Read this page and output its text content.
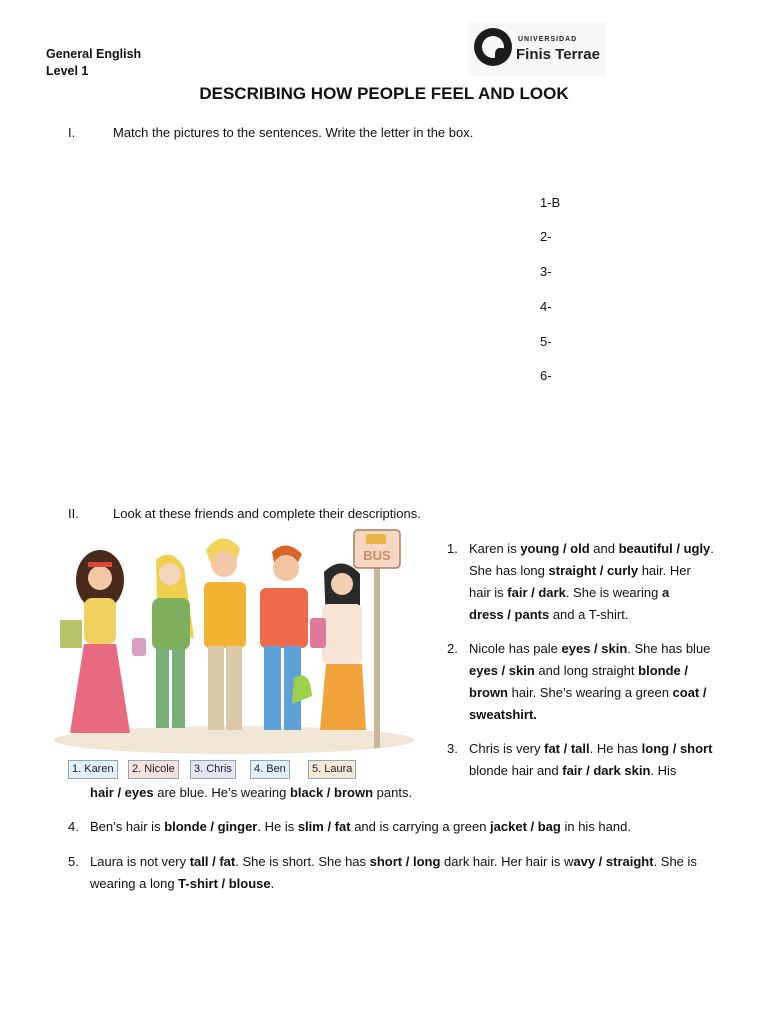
General English
Level 1
UNIVERSIDAD
Finis Terrae
DESCRIBING HOW PEOPLE FEEL AND LOOK
I.	Match the pictures to the sentences. Write the letter in the box.
1-B
2-
3-
4-
5-
6-
II.	Look at these friends and complete their descriptions.
BUS
1. Karen	2. Nicole	3. Chris	4. Ben	5. Laura
1. Karen is young / old and beautiful / ugly.
She has long straight / curly hair. Her
hair is fair / dark. She is wearing a
dress / pants and a T-shirt.
2. Nicole has pale eyes / skin. She has blue
eyes / skin and long straight blonde /
brown hair. She’s wearing a green coat /
sweatshirt.
3. Chris is very fat / tall. He has long / short
blonde hair and fair / dark skin. His
hair / eyes are blue. He’s wearing black / brown pants.
4. Ben’s hair is blonde / ginger. He is slim / fat and is carrying a green jacket / bag in his hand.
5. Laura is not very tall / fat. She is short. She has short / long dark hair. Her hair is wavy / straight. She is
wearing a long T-shirt / blouse.
